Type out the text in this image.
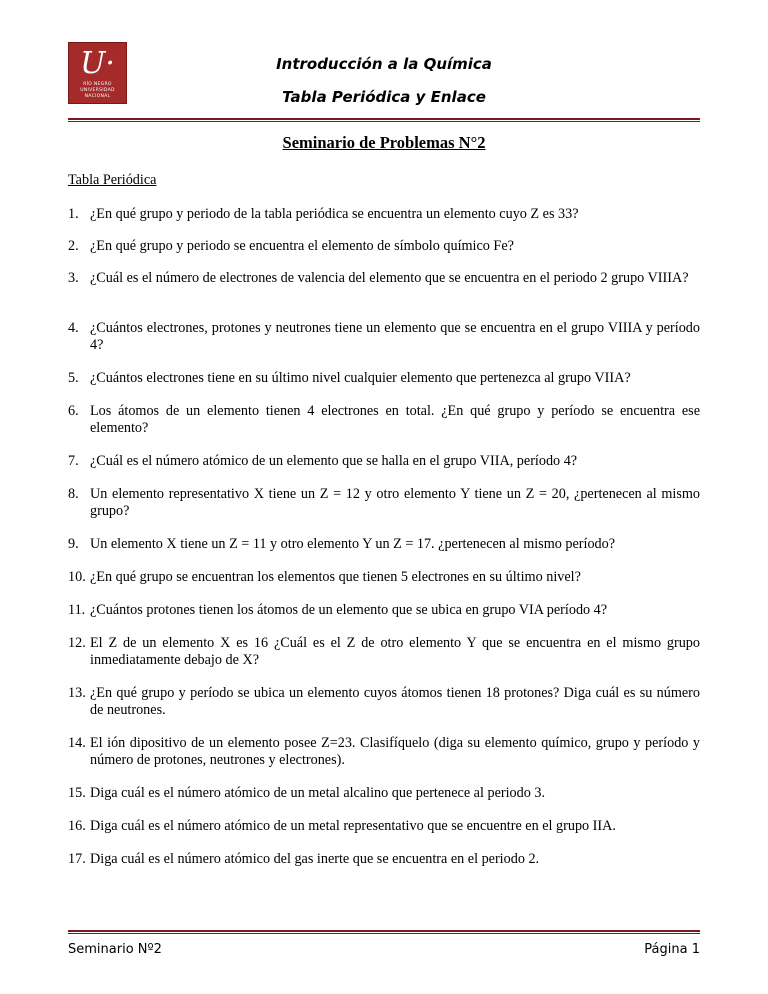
U·
RÍO NEGRO
UNIVERSIDAD
NACIONAL
Introducción a la Química
Tabla Periódica y Enlace
Seminario de Problemas N°2
Tabla Periódica
1. ¿En qué grupo y periodo de la tabla periódica se encuentra un elemento cuyo Z es 33?
2. ¿En qué grupo y periodo se encuentra el elemento de símbolo químico Fe?
3. ¿Cuál es el número de electrones de valencia del elemento que se encuentra en el periodo 2 grupo VIIIA?
4. ¿Cuántos electrones, protones y neutrones tiene un elemento que se encuentra en el grupo VIIIA y período 4?
5. ¿Cuántos electrones tiene en su último nivel cualquier elemento que pertenezca al grupo VIIA?
6. Los átomos de un elemento tienen 4 electrones en total. ¿En qué grupo y período se encuentra ese elemento?
7. ¿Cuál es el número atómico de un elemento que se halla en el grupo VIIA, período 4?
8. Un elemento representativo X tiene un Z = 12 y otro elemento Y tiene un Z = 20, ¿pertenecen al mismo grupo?
9. Un elemento X tiene un Z = 11 y otro elemento Y un Z = 17. ¿pertenecen al mismo período?
10. ¿En qué grupo se encuentran los elementos que tienen 5 electrones en su último nivel?
11. ¿Cuántos protones tienen los átomos de un elemento que se ubica en grupo VIA período 4?
12. El Z de un elemento X es 16 ¿Cuál es el Z de otro elemento Y que se encuentra en el mismo grupo inmediatamente debajo de X?
13. ¿En qué grupo y período se ubica un elemento cuyos átomos tienen 18 protones? Diga cuál es su número de neutrones.
14. El ión dipositivo de un elemento posee Z=23. Clasifíquelo (diga su elemento químico, grupo y período y número de protones, neutrones y electrones).
15. Diga cuál es el número atómico de un metal alcalino que pertenece al periodo 3.
16. Diga cuál es el número atómico de un metal representativo que se encuentre en el grupo IIA.
17. Diga cuál es el número atómico del gas inerte que se encuentra en el periodo 2.
Seminario Nº2	Página 1
